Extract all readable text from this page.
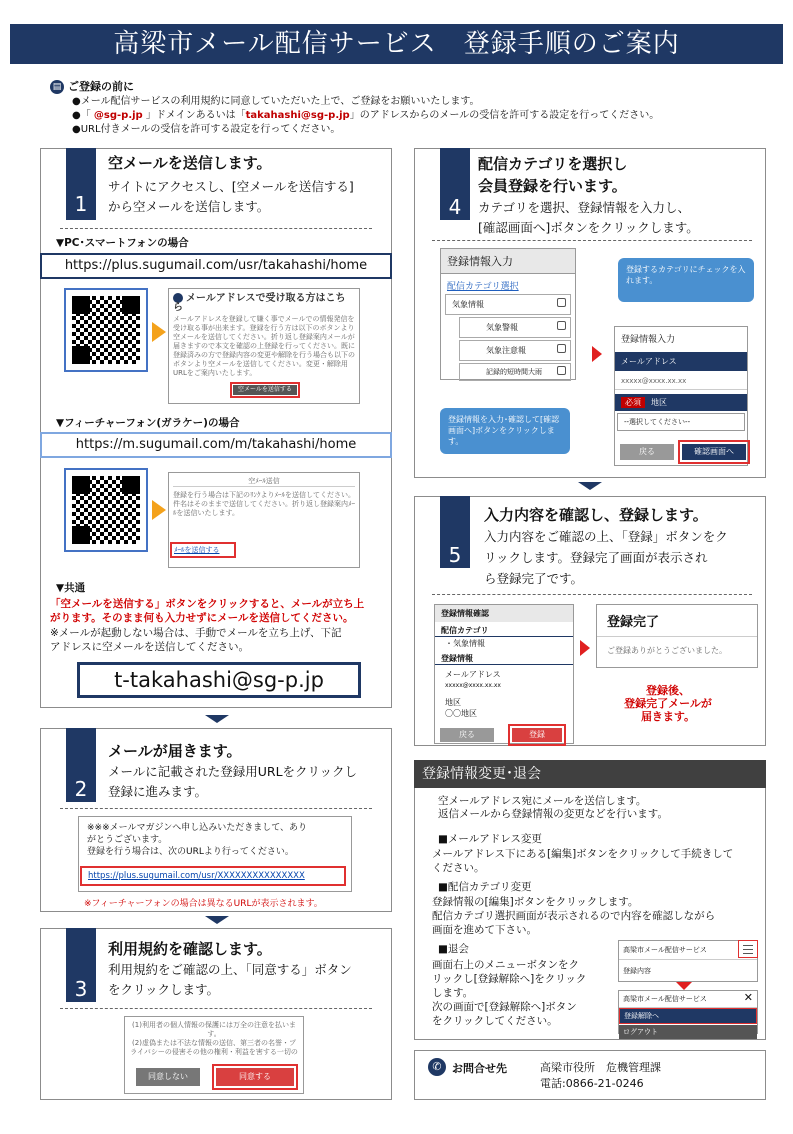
高梁市メール配信サービス　登録手順のご案内
▤ ご登録の前に
●メール配信サービスの利用規約に同意していただいた上で、ご登録をお願いいたします。
●「 @sg-p.jp 」ドメインあるいは「takahashi@sg-p.jp」のアドレスからのメールの受信を許可する設定を行ってください。
●URL付きメールの受信を許可する設定を行ってください。
1
空メールを送信します。
サイトにアクセスし、[空メールを送信する]
から空メールを送信します。
▼PC･スマートフォンの場合
https://plus.sugumail.com/usr/takahashi/home
メールアドレスで受け取る方はこちら
メールアドレスを登録して嫌く事でメールでの情報発信を受け取る事が出来ます。登録を行う方は以下のボタンより空メールを送信してください。折り返し登録案内メールが届きますので本文を確認の上登録を行ってください。既に登録済みの方で登録内容の変更や解除を行う場合も以下のボタンより空メールを送信してください。変更・解除用URLをご案内いたします。
空メールを送信する
▼フィーチャーフォン(ガラケー)の場合
https://m.sugumail.com/m/takahashi/home
空ﾒｰﾙ送信
登録を行う場合は下記のﾘﾝｸよりﾒｰﾙを送信してください。件名はそのままで送信してください。折り返し登録案内ﾒｰﾙを送信いたします。
ﾒｰﾙを送信する
▼共通
「空メールを送信する」ボタンをクリックすると、メールが立ち上
がります。そのまま何も入力せずにメールを送信してください。
※メールが起動しない場合は、手動でメールを立ち上げ、下記
アドレスに空メールを送信してください。
t-takahashi@sg-p.jp
2
メールが届きます。
メールに記載された登録用URLをクリックし
登録に進みます。
※※※メールマガジンへ申し込みいただきまして、あり
がとうございます。
登録を行う場合は、次のURLより行ってください。
https://plus.sugumail.com/usr/XXXXXXXXXXXXXXX
※フィーチャーフォンの場合は異なるURLが表示されます。
3
利用規約を確認します。
利用規約をご確認の上、「同意する」ボタン
をクリックします。
(1)利用者の個人情報の保護には万全の注意を払いま
す。
(2)虚偽または不法な情報の送信、第三者の名誉・プ
ライバシーの侵害その他の権利・利益を害する一切の
同意しない	同意する
4
配信カテゴリを選択し
会員登録を行います。
カテゴリを選択、登録情報を入力し、
[確認画面へ]ボタンをクリックします。
登録情報入力
配信カテゴリ選択
気象情報
気象警報
気象注意報
記録的短時間大雨
登録するカテゴリにチェックを入れます。
登録情報入力
メールアドレス
xxxxx@xxxx.xx.xx
必須 地区
--選択してください--
戻る	確認画面へ
登録情報を入力･確認して[確認画面へ]ボタンをクリックします。
5
入力内容を確認し、登録します。
入力内容をご確認の上、「登録」ボタンをク
リックします。登録完了画面が表示され
ら登録完了です。
登録情報確認
配信カテゴリ
・気象情報
登録情報
メールアドレス
xxxxx@xxxx.xx.xx
地区
〇〇地区
戻る	登録
登録完了
ご登録ありがとうございました。
登録後、
登録完了メールが
届きます。
登録情報変更･退会
空メールアドレス宛にメールを送信します。
返信メールから登録情報の変更などを行います。
■メールアドレス変更
メールアドレス下にある[編集]ボタンをクリックして手続きして
ください。
■配信カテゴリ変更
登録情報の[編集]ボタンをクリックします。
配信カテゴリ選択画面が表示されるので内容を確認しながら
画面を進めて下さい。
■退会
画面右上のメニューボタンをク
リックし[登録解除へ]をクリック
します。
次の画面で[登録解除へ]ボタン
をクリックしてください。
高梁市メール配信サービス
登録内容
高梁市メール配信サービス	✕
登録解除へ
ログアウト
✆ お問合せ先	高梁市役所　危機管理課
電話:0866-21-0246
